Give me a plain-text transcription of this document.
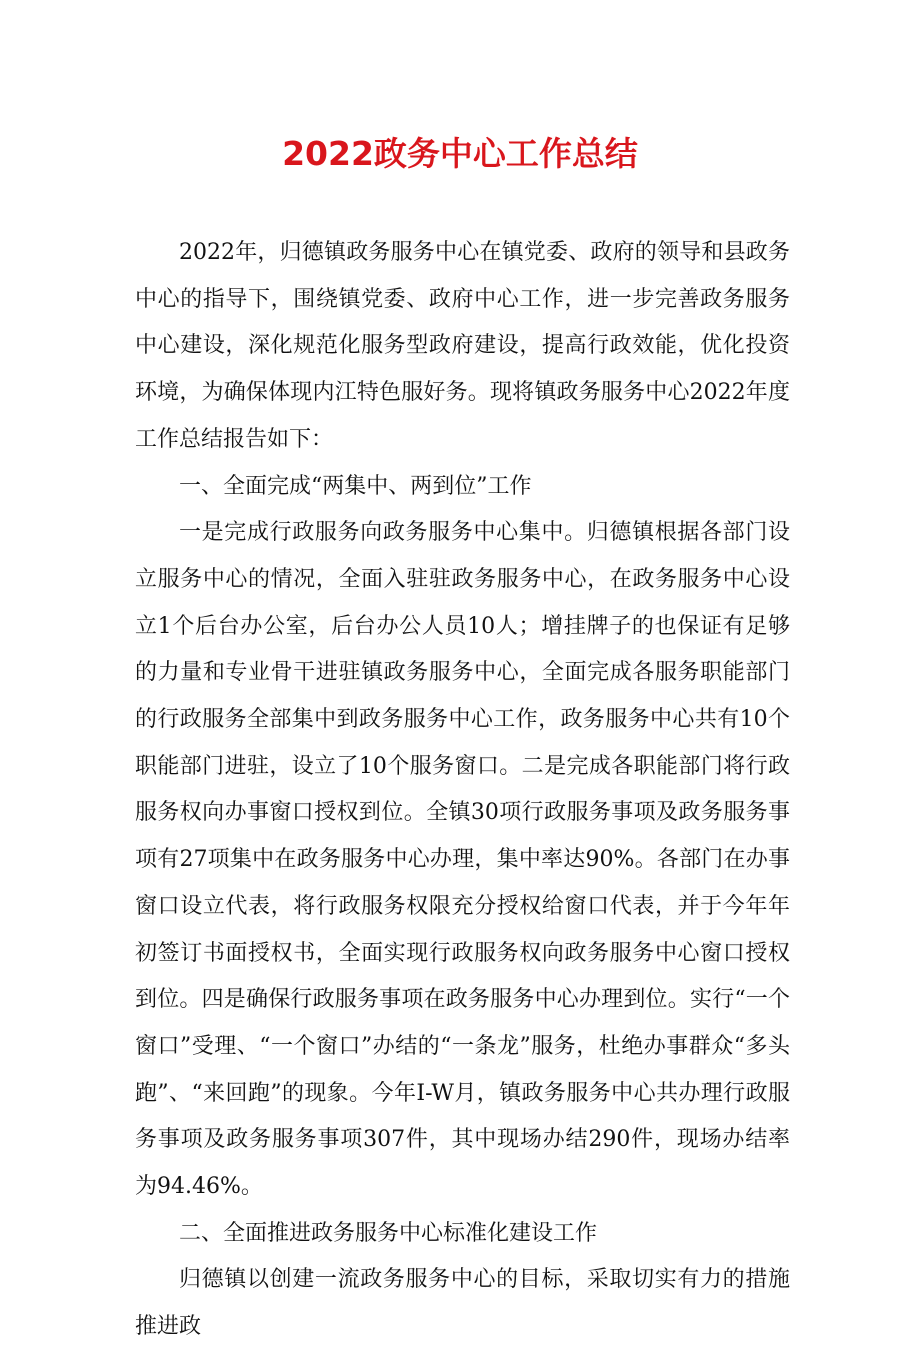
2022政务中心工作总结

2022年，归德镇政务服务中心在镇党委、政府的领导和县政务中心的指导下，围绕镇党委、政府中心工作，进一步完善政务服务中心建设，深化规范化服务型政府建设，提高行政效能，优化投资环境，为确保体现内江特色服好务。现将镇政务服务中心2022年度工作总结报告如下：

一、全面完成“两集中、两到位”工作

一是完成行政服务向政务服务中心集中。归德镇根据各部门设立服务中心的情况，全面入驻驻政务服务中心，在政务服务中心设立1个后台办公室，后台办公人员10人；增挂牌子的也保证有足够的力量和专业骨干进驻镇政务服务中心，全面完成各服务职能部门的行政服务全部集中到政务服务中心工作，政务服务中心共有10个职能部门进驻，设立了10个服务窗口。二是完成各职能部门将行政服务权向办事窗口授权到位。全镇30项行政服务事项及政务服务事项有27项集中在政务服务中心办理，集中率达90%。各部门在办事窗口设立代表，将行政服务权限充分授权给窗口代表，并于今年年初签订书面授权书，全面实现行政服务权向政务服务中心窗口授权到位。四是确保行政服务事项在政务服务中心办理到位。实行“一个窗口”受理、“一个窗口”办结的“一条龙”服务，杜绝办事群众“多头跑”、“来回跑”的现象。今年I-W月，镇政务服务中心共办理行政服务事项及政务服务事项307件，其中现场办结290件，现场办结率为94.46%。

二、全面推进政务服务中心标准化建设工作

归德镇以创建一流政务服务中心的目标，采取切实有力的措施推进政
